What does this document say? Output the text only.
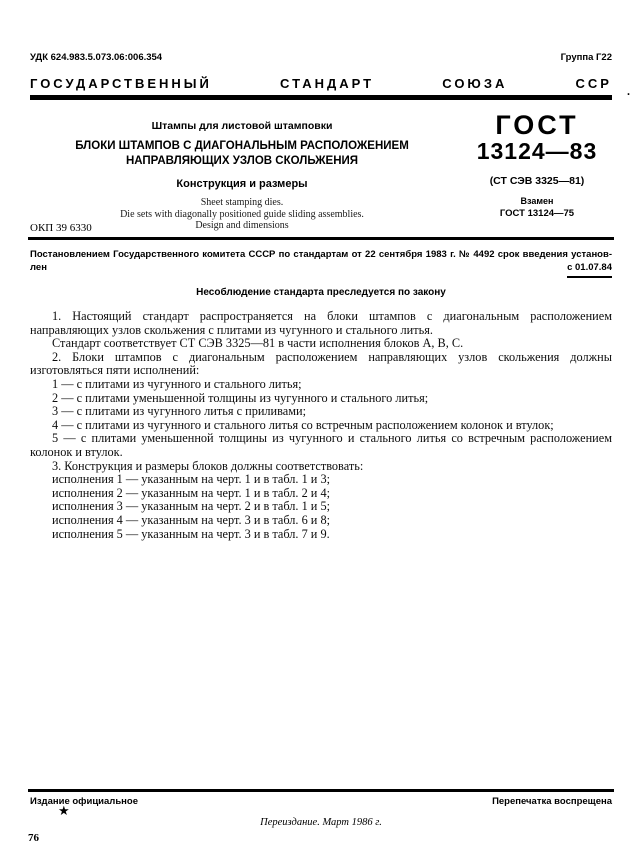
УДК 624.983.5.073.06:006.354	Группа Г22
ГОСУДАРСТВЕННЫЙ	СТАНДАРТ	СОЮЗА	ССР .
Штампы для листовой штамповки
БЛОКИ ШТАМПОВ С ДИАГОНАЛЬНЫМ РАСПОЛОЖЕНИЕМ
НАПРАВЛЯЮЩИХ УЗЛОВ СКОЛЬЖЕНИЯ
Конструкция и размеры
Sheet stamping dies.
Die sets with diagonally positioned guide sliding assemblies.
Design and dimensions
ГОСТ
13124—83
(СТ СЭВ 3325—81)
Взамен
ГОСТ 13124—75
ОКП 39 6330
Постановлением Государственного комитета СССР по стандартам от 22 сентября 1983 г. № 4492 срок введения установ-
лен	с 01.07.84
Несоблюдение стандарта преследуется по закону

1. Настоящий стандарт распространяется на блоки штампов с диагональным расположением направляющих узлов скольжения с плитами из чугунного и стального литья.

Стандарт соответствует СТ СЭВ 3325—81 в части исполнения блоков А, В, С.

2. Блоки штампов с диагональным расположением направляющих узлов скольжения должны изготовляться пяти исполнений:

1 — с плитами из чугунного и стального литья;

2 — с плитами уменьшенной толщины из чугунного и стального литья;

3 — с плитами из чугунного литья с приливами;

4 — с плитами из чугунного и стального литья со встречным расположением колонок и втулок;

5 — с плитами уменьшенной толщины из чугунного и стального литья со встречным расположением колонок и втулок.

3. Конструкция и размеры блоков должны соответствовать:

исполнения 1 — указанным на черт. 1 и в табл. 1 и 3;

исполнения 2 — указанным на черт. 1 и в табл. 2 и 4;

исполнения 3 — указанным на черт. 2 и в табл. 1 и 5;

исполнения 4 — указанным на черт. 3 и в табл. 6 и 8;

исполнения 5 — указанным на черт. 3 и в табл. 7 и 9.

Издание официальное	Перепечатка воспрещена
★
Переиздание. Март 1986 г.
76
